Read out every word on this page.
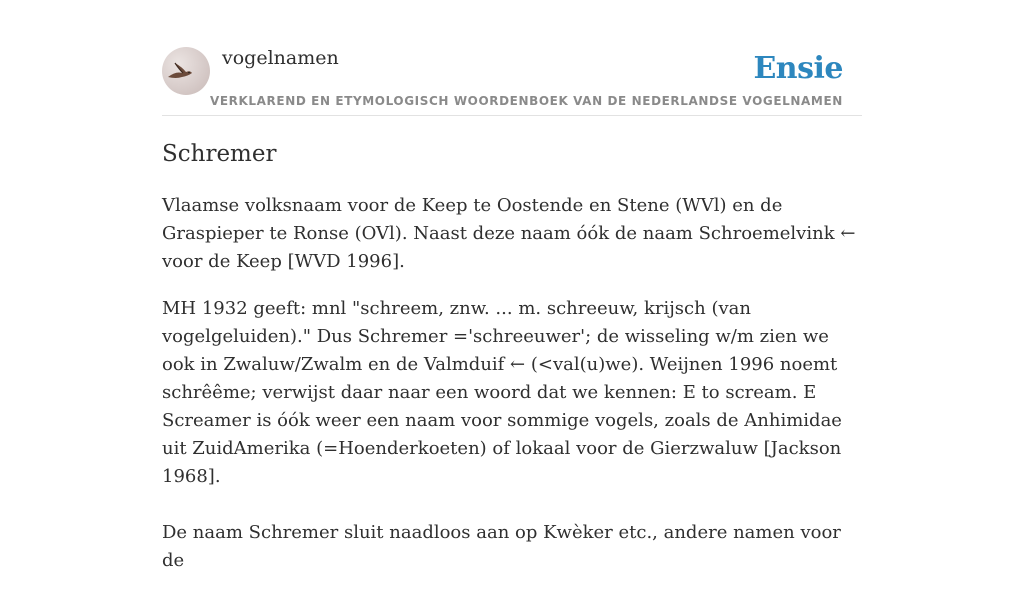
vogelnamen
VERKLAREND EN ETYMOLOGISCH WOORDENBOEK VAN DE NEDERLANDSE VOGELNAMEN
Ensie
Schremer

Vlaamse volksnaam voor de Keep te Oostende en Stene (WVl) en de Graspieper te Ronse (OVl). Naast deze naam óók de naam Schroemelvink ← voor de Keep [WVD 1996].

MH 1932 geeft: mnl "schreem, znw. ... m. schreeuw, krijsch (van vogelgeluiden)." Dus Schremer ='schreeuwer'; de wisseling w/m zien we ook in Zwaluw/Zwalm en de Valmduif ← (<val(u)we). Weijnen 1996 noemt schrêême; verwijst daar naar een woord dat we kennen: E to scream. E Screamer is óók weer een naam voor sommige vogels, zoals de Anhimidae uit ZuidAmerika (=Hoenderkoeten) of lokaal voor de Gierzwaluw [Jackson 1968].

De naam Schremer sluit naadloos aan op Kwèker etc., andere namen voor de
